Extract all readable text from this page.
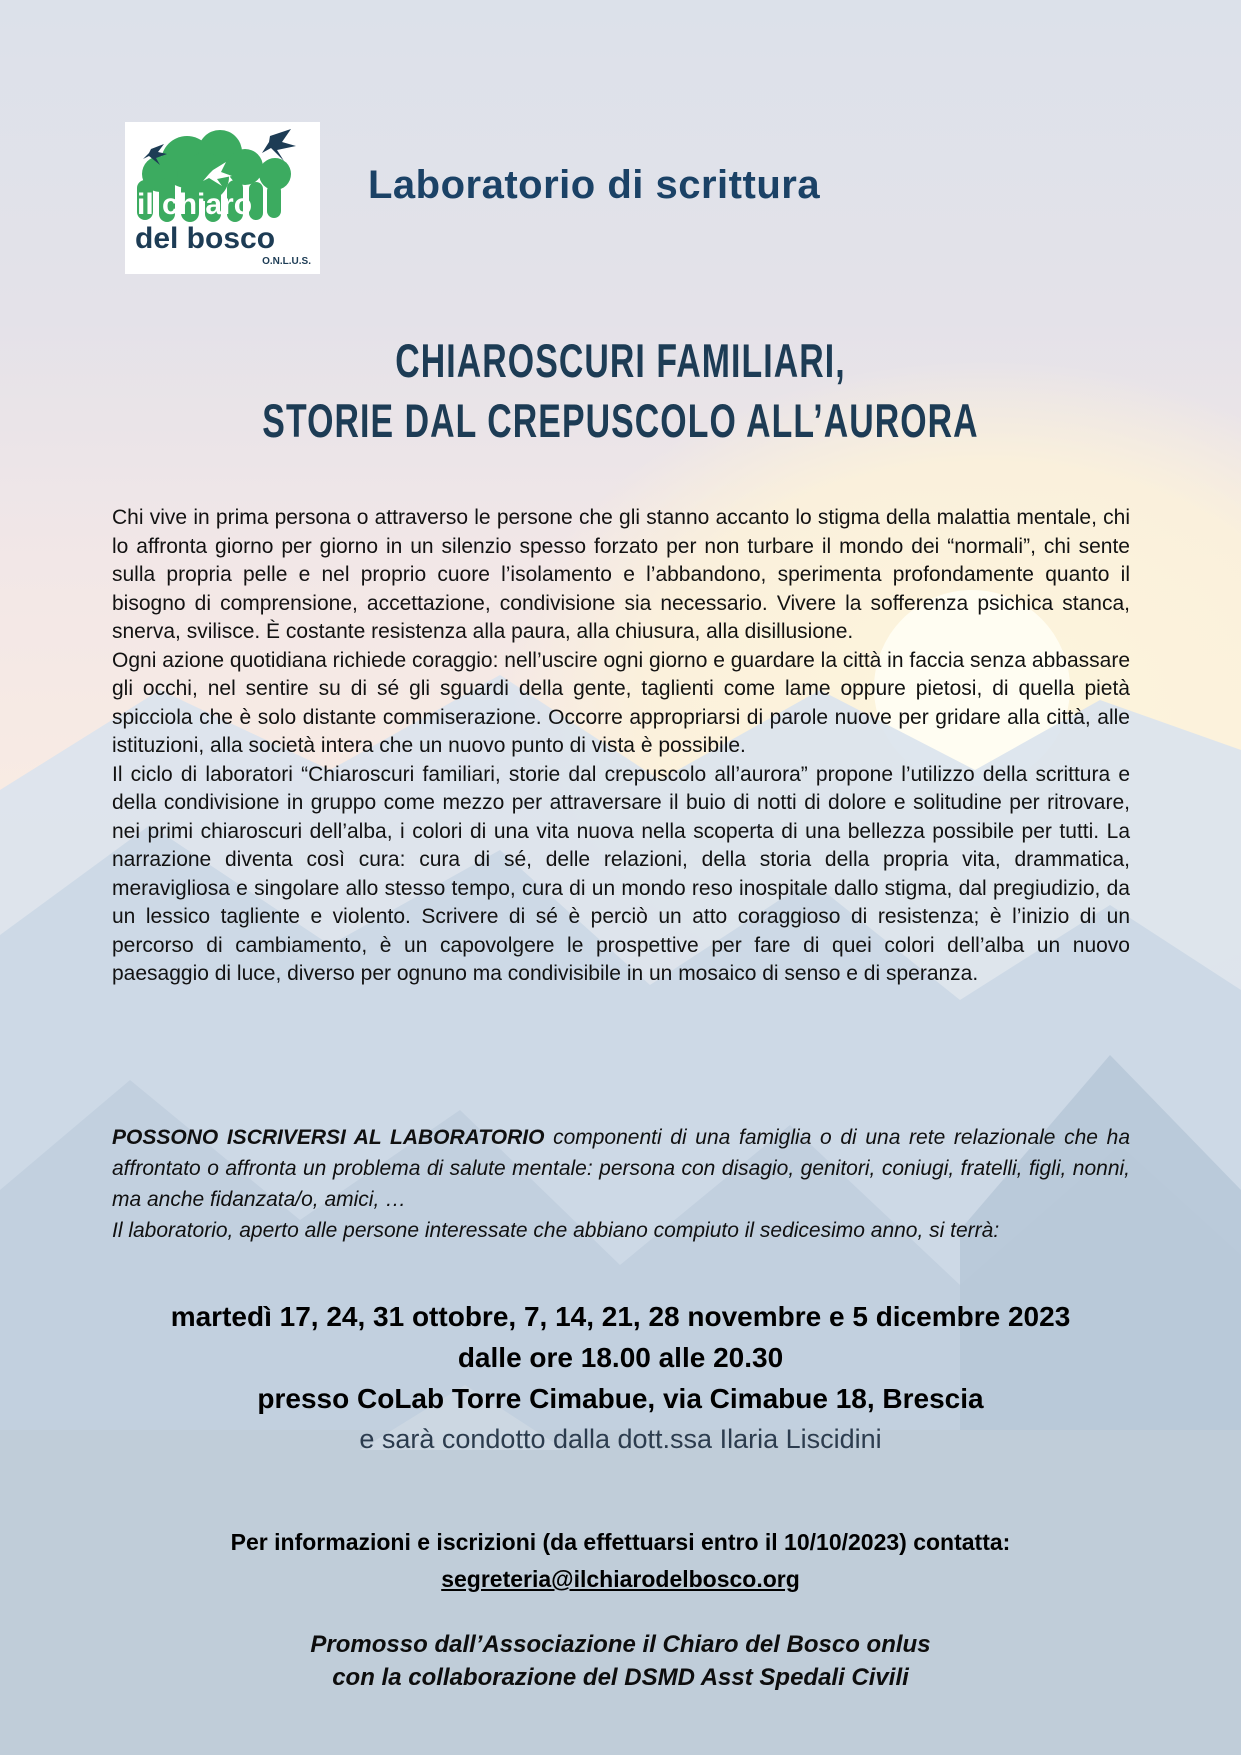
il chiaro
del bosco
O.N.L.U.S.
Laboratorio di scrittura
CHIAROSCURI FAMILIARI,
STORIE DAL CREPUSCOLO ALL’AURORA

Chi vive in prima persona o attraverso le persone che gli stanno accanto lo stigma della malattia mentale, chi lo affronta giorno per giorno in un silenzio spesso forzato per non turbare il mondo dei “normali”, chi sente sulla propria pelle e nel proprio cuore l’isolamento e l’abbandono, sperimenta profondamente quanto il bisogno di comprensione, accettazione, condivisione sia necessario. Vivere la sofferenza psichica stanca, snerva, svilisce. È costante resistenza alla paura, alla chiusura, alla disillusione.

Ogni azione quotidiana richiede coraggio: nell’uscire ogni giorno e guardare la città in faccia senza abbassare gli occhi, nel sentire su di sé gli sguardi della gente, taglienti come lame oppure pietosi, di quella pietà spicciola che è solo distante commiserazione. Occorre appropriarsi di parole nuove per gridare alla città, alle istituzioni, alla società intera che un nuovo punto di vista è possibile.

Il ciclo di laboratori “Chiaroscuri familiari, storie dal crepuscolo all’aurora” propone l’utilizzo della scrittura e della condivisione in gruppo come mezzo per attraversare il buio di notti di dolore e solitudine per ritrovare, nei primi chiaroscuri dell’alba, i colori di una vita nuova nella scoperta di una bellezza possibile per tutti. La narrazione diventa così cura: cura di sé, delle relazioni, della storia della propria vita, drammatica, meravigliosa e singolare allo stesso tempo, cura di un mondo reso inospitale dallo stigma, dal pregiudizio, da un lessico tagliente e violento. Scrivere di sé è perciò un atto coraggioso di resistenza; è l’inizio di un percorso di cambiamento, è un capovolgere le prospettive per fare di quei colori dell’alba un nuovo paesaggio di luce, diverso per ognuno ma condivisibile in un mosaico di senso e di speranza.

POSSONO ISCRIVERSI AL LABORATORIO componenti di una famiglia o di una rete relazionale che ha affrontato o affronta un problema di salute mentale: persona con disagio, genitori, coniugi, fratelli, figli, nonni, ma anche fidanzata/o, amici, …

Il laboratorio, aperto alle persone interessate che abbiano compiuto il sedicesimo anno, si terrà:

martedì 17, 24, 31 ottobre, 7, 14, 21, 28 novembre e 5 dicembre 2023
dalle ore 18.00 alle 20.30
presso CoLab Torre Cimabue, via Cimabue 18, Brescia
e sarà condotto dalla dott.ssa Ilaria Liscidini
Per informazioni e iscrizioni (da effettuarsi entro il 10/10/2023) contatta:
segreteria@ilchiarodelbosco.org
Promosso dall’Associazione il Chiaro del Bosco onlus
con la collaborazione del DSMD Asst Spedali Civili
